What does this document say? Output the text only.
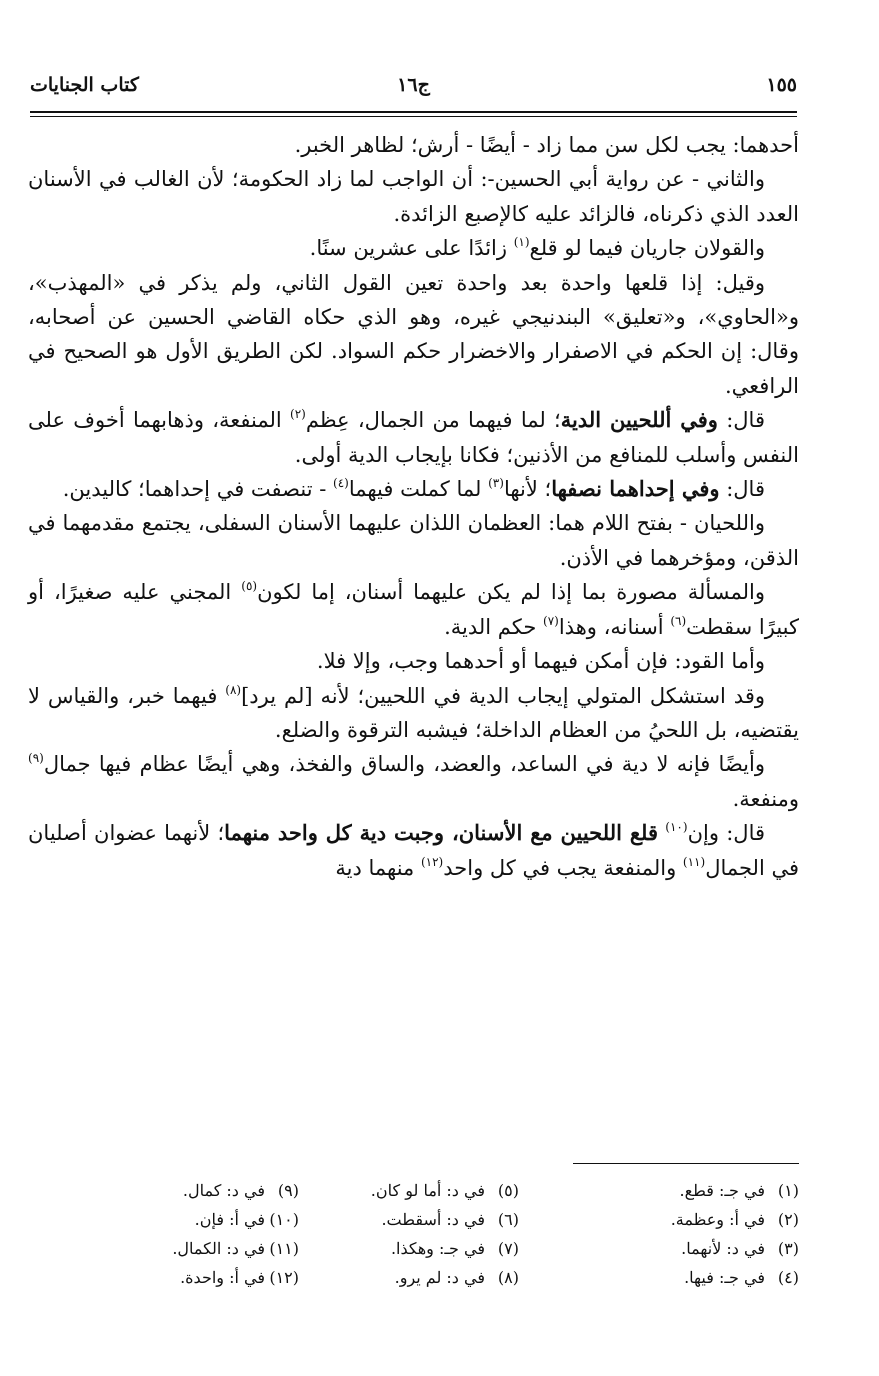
١٥٥
ج١٦
كتاب الجنايات

أحدهما: يجب لكل سن مما زاد - أيضًا - أرش؛ لظاهر الخبر.

والثاني - عن رواية أبي الحسين-: أن الواجب لما زاد الحكومة؛ لأن الغالب في الأسنان العدد الذي ذكرناه، فالزائد عليه كالإصبع الزائدة.

والقولان جاريان فيما لو قلع$^{(١)}$ زائدًا على عشرين سنًا.

وقيل: إذا قلعها واحدة بعد واحدة تعين القول الثاني، ولم يذكر في «المهذب»، و«الحاوي»، و«تعليق» البندنيجي غيره، وهو الذي حكاه القاضي الحسين عن أصحابه، وقال: إن الحكم في الاصفرار والاخضرار حكم السواد. لكن الطريق الأول هو الصحيح في الرافعي.

قال: وفي أللحيين الدية؛ لما فيهما من الجمال، عِظم$^{(٢)}$ المنفعة، وذهابهما أخوف على النفس وأسلب للمنافع من الأذنين؛ فكانا بإيجاب الدية أولى.

قال: وفي إحداهما نصفها؛ لأنها$^{(٣)}$ لما كملت فيهما$^{(٤)}$ - تنصفت في إحداهما؛ كاليدين.

واللحيان - بفتح اللام هما: العظمان اللذان عليهما الأسنان السفلى، يجتمع مقدمهما في الذقن، ومؤخرهما في الأذن.

والمسألة مصورة بما إذا لم يكن عليهما أسنان، إما لكون$^{(٥)}$ المجني عليه صغيرًا، أو كبيرًا سقطت$^{(٦)}$ أسنانه، وهذا$^{(٧)}$ حكم الدية.

وأما القود: فإن أمكن فيهما أو أحدهما وجب، وإلا فلا.

وقد استشكل المتولي إيجاب الدية في اللحيين؛ لأنه [لم يرد]$^{(٨)}$ فيهما خبر، والقياس لا يقتضيه، بل اللحيُ من العظام الداخلة؛ فيشبه الترقوة والضلع.

وأيضًا فإنه لا دية في الساعد، والعضد، والساق والفخذ، وهي أيضًا عظام فيها جمال$^{(٩)}$ ومنفعة.

قال: وإن$^{(١٠)}$ قلع اللحيين مع الأسنان، وجبت دية كل واحد منهما؛ لأنهما عضوان أصليان في الجمال$^{(١١)}$ والمنفعة يجب في كل واحد$^{(١٢)}$ منهما دية

(١)في جـ: قطع.
(٢)في أ: وعظمة.
(٣)في د: لأنهما.
(٤)في جـ: فيها.
(٥)في د: أما لو كان.
(٦)في د: أسقطت.
(٧)في جـ: وهكذا.
(٨)في د: لم يرو.
(٩)في د: كمال.
(١٠)في أ: فإن.
(١١)في د: الكمال.
(١٢)في أ: واحدة.
